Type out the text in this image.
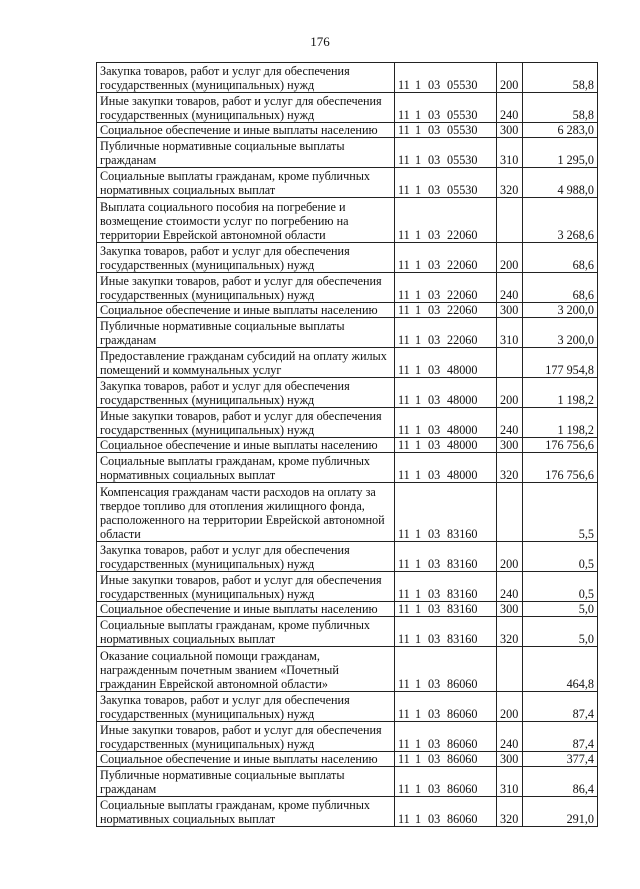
176
Закупка товаров, работ и услуг для обеспечения государственных (муниципальных) нужд	11 1 03 05530	200	58,8
Иные закупки товаров, работ и услуг для обеспечения государственных (муниципальных) нужд	11 1 03 05530	240	58,8
Социальное обеспечение и иные выплаты населению	11 1 03 05530	300	6 283,0
Публичные нормативные социальные выплаты гражданам	11 1 03 05530	310	1 295,0
Социальные выплаты гражданам, кроме публичных нормативных социальных выплат	11 1 03 05530	320	4 988,0
Выплата социального пособия на погребение и возмещение стоимости услуг по погребению на территории Еврейской автономной области	11 1 03 22060		3 268,6
Закупка товаров, работ и услуг для обеспечения государственных (муниципальных) нужд	11 1 03 22060	200	68,6
Иные закупки товаров, работ и услуг для обеспечения государственных (муниципальных) нужд	11 1 03 22060	240	68,6
Социальное обеспечение и иные выплаты населению	11 1 03 22060	300	3 200,0
Публичные нормативные социальные выплаты гражданам	11 1 03 22060	310	3 200,0
Предоставление гражданам субсидий на оплату жилых помещений и коммунальных услуг	11 1 03 48000		177 954,8
Закупка товаров, работ и услуг для обеспечения государственных (муниципальных) нужд	11 1 03 48000	200	1 198,2
Иные закупки товаров, работ и услуг для обеспечения государственных (муниципальных) нужд	11 1 03 48000	240	1 198,2
Социальное обеспечение и иные выплаты населению	11 1 03 48000	300	176 756,6
Социальные выплаты гражданам, кроме публичных нормативных социальных выплат	11 1 03 48000	320	176 756,6
Компенсация гражданам части расходов на оплату за твердое топливо для отопления жилищного фонда, расположенного на территории Еврейской автономной области	11 1 03 83160		5,5
Закупка товаров, работ и услуг для обеспечения государственных (муниципальных) нужд	11 1 03 83160	200	0,5
Иные закупки товаров, работ и услуг для обеспечения государственных (муниципальных) нужд	11 1 03 83160	240	0,5
Социальное обеспечение и иные выплаты населению	11 1 03 83160	300	5,0
Социальные выплаты гражданам, кроме публичных нормативных социальных выплат	11 1 03 83160	320	5,0
Оказание социальной помощи гражданам, награжденным почетным званием «Почетный гражданин Еврейской автономной области»	11 1 03 86060		464,8
Закупка товаров, работ и услуг для обеспечения государственных (муниципальных) нужд	11 1 03 86060	200	87,4
Иные закупки товаров, работ и услуг для обеспечения государственных (муниципальных) нужд	11 1 03 86060	240	87,4
Социальное обеспечение и иные выплаты населению	11 1 03 86060	300	377,4
Публичные нормативные социальные выплаты гражданам	11 1 03 86060	310	86,4
Социальные выплаты гражданам, кроме публичных нормативных социальных выплат	11 1 03 86060	320	291,0
